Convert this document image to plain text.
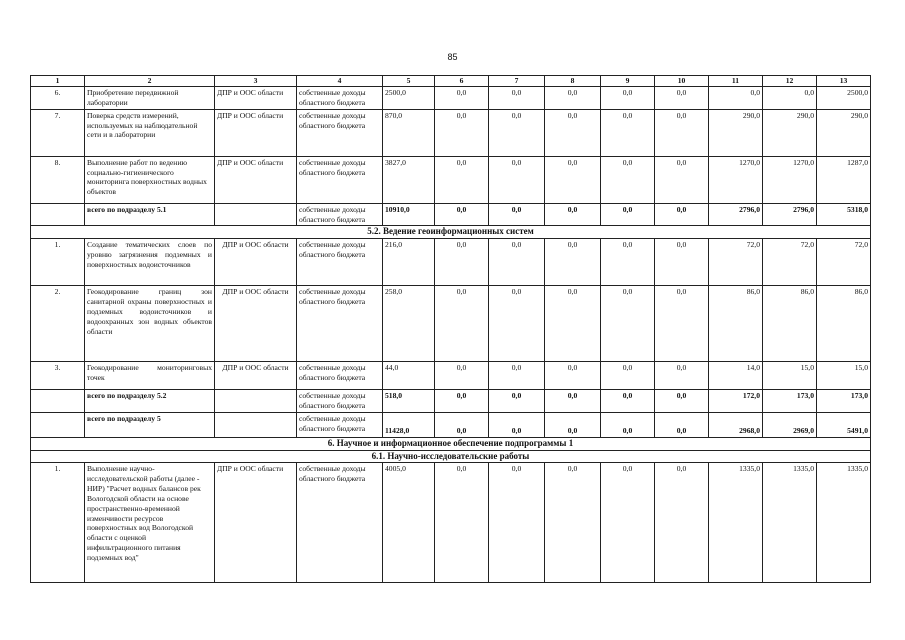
85
1	2	3	4	5	6	7	8	9	10	11	12	13
6.	Приобретение передвижной лаборатории	ДПР и ООС области	собственные доходы областного бюджета	2500,0	0,0	0,0	0,0	0,0	0,0	0,0	0,0	2500,0
7.	Поверка средств измерений, используемых на наблюдательной сети и в лаборатории	ДПР и ООС области	собственные доходы областного бюджета	870,0	0,0	0,0	0,0	0,0	0,0	290,0	290,0	290,0
8.	Выполнение работ по ведению социально-гигиенического мониторинга поверхностных водных объектов	ДПР и ООС области	собственные доходы областного бюджета	3827,0	0,0	0,0	0,0	0,0	0,0	1270,0	1270,0	1287,0
	всего по подразделу 5.1		собственные доходы областного бюджета	10910,0	0,0	0,0	0,0	0,0	0,0	2796,0	2796,0	5318,0
5.2. Ведение геоинформационных систем												
1.	Создание тематических слоев по уровню загрязнения подземных и поверхностных водоисточников	ДПР и ООС области	собственные доходы областного бюджета	216,0	0,0	0,0	0,0	0,0	0,0	72,0	72,0	72,0
2.	Геокодирование границ зон санитарной охраны поверхностных и подземных водоисточников и водоохранных зон водных объектов области	ДПР и ООС области	собственные доходы областного бюджета	258,0	0,0	0,0	0,0	0,0	0,0	86,0	86,0	86,0
3.	Геокодирование мониторинговых точек	ДПР и ООС области	собственные доходы областного бюджета	44,0	0,0	0,0	0,0	0,0	0,0	14,0	15,0	15,0
	всего по подразделу 5.2		собственные доходы областного бюджета	518,0	0,0	0,0	0,0	0,0	0,0	172,0	173,0	173,0
	всего по подразделу 5		собственные доходы областного бюджета	11428,0	0,0	0,0	0,0	0,0	0,0	2968,0	2969,0	5491,0
6. Научное и информационное обеспечение подпрограммы 1												
6.1. Научно-исследовательские работы												
1.	Выполнение научно-исследовательской работы (далее - НИР) "Расчет водных балансов рек Вологодской области на основе пространственно-временной изменчивости ресурсов поверхностных вод Вологодской области с оценкой инфильтрационного питания подземных вод"	ДПР и ООС области	собственные доходы областного бюджета	4005,0	0,0	0,0	0,0	0,0	0,0	1335,0	1335,0	1335,0
